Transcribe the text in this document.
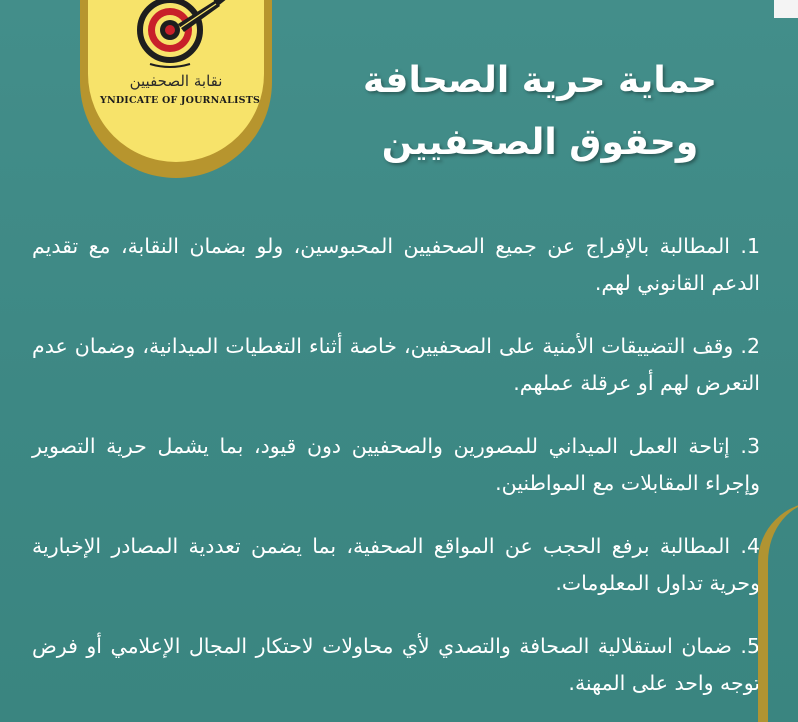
نقابة الصحفيين
YNDICATE OF JOURNALISTS	حماية حرية الصحافة
وحقوق الصحفيين
1. المطالبة بالإفراج عن جميع الصحفيين المحبوسين، ولو بضمان النقابة، مع تقديم الدعم القانوني لهم.
2. وقف التضييقات الأمنية على الصحفيين، خاصة أثناء التغطيات الميدانية، وضمان عدم التعرض لهم أو عرقلة عملهم.
3. إتاحة العمل الميداني للمصورين والصحفيين دون قيود، بما يشمل حرية التصوير وإجراء المقابلات مع المواطنين.
4. المطالبة برفع الحجب عن المواقع الصحفية، بما يضمن تعددية المصادر الإخبارية وحرية تداول المعلومات.
5. ضمان استقلالية الصحافة والتصدي لأي محاولات لاحتكار المجال الإعلامي أو فرض توجه واحد على المهنة.
